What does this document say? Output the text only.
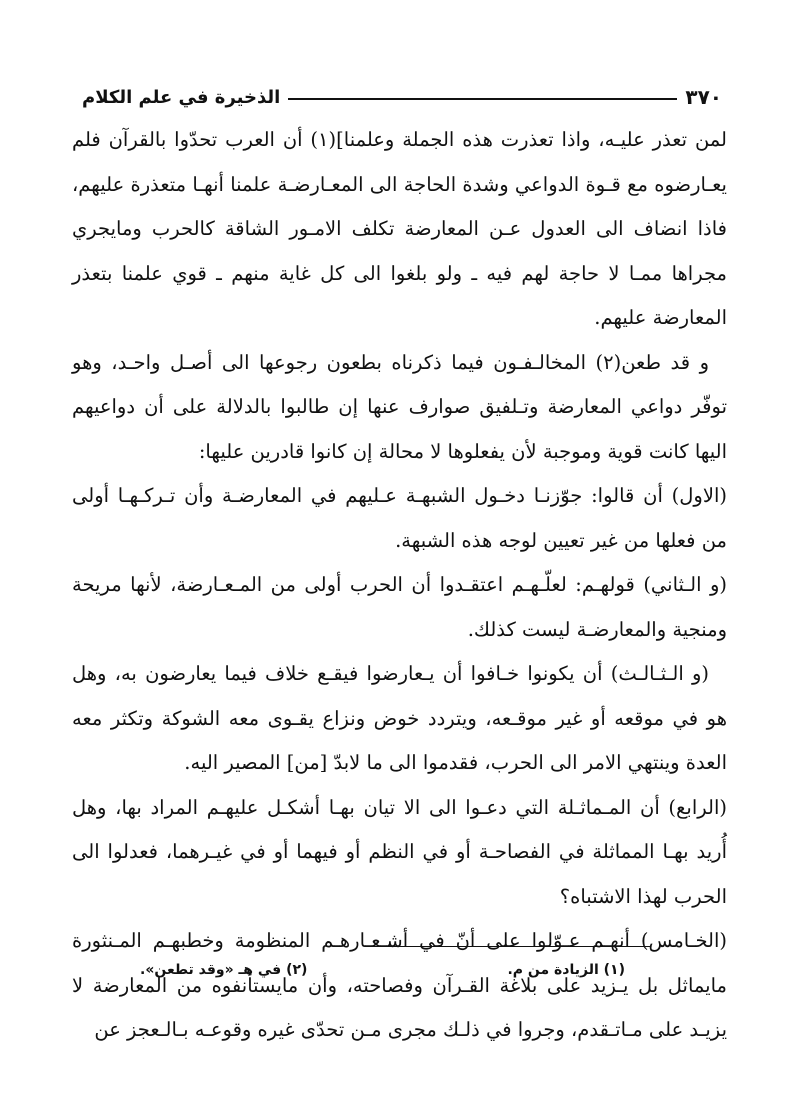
٣٧٠
الذخيرة في علم الكلام

لمن تعذر عليـه، واذا تعذرت هذه الجملة وعلمنا](١) أن العرب تحدّوا بالقرآن فلم يعـارضوه مع قـوة الدواعي وشدة الحاجة الى المعـارضـة علمنا أنهـا متعذرة عليهم، فاذا انضاف الى العدول عـن المعارضة تكلف الامـور الشاقة كالحرب ومايجري مجراها ممـا لا حاجة لهم فيه ـ ولو بلغوا الى كل غاية منهم ـ قوي علمنا بتعذر المعارضة عليهم.

و قد طعن(٢) المخالـفـون فيما ذكرناه بطعون رجوعها الى أصـل واحـد، وهو توفّر دواعي المعارضة وتـلفيق صوارف عنها إن طالبوا بالدلالة على أن دواعيهم اليها كانت قوية وموجبة لأن يفعلوها لا محالة إن كانوا قادرين عليها:

(الاول) أن قالوا: جوّزنـا دخـول الشبهـة عـليهم في المعارضـة وأن تـركـهـا أولى من فعلها من غير تعيين لوجه هذه الشبهة.

(و الـثاني) قولهـم: لعلّـهـم اعتقـدوا أن الحرب أولى من المـعـارضة، لأنها مريحة ومنجية والمعارضـة ليست كذلك.

(و الـثـالـث) أن يكونوا خـافوا أن يـعارضوا فيقـع خلاف فيما يعارضون به، وهل هو في موقعه أو غير موقـعه، ويتردد خوض ونزاع يقـوى معه الشوكة وتكثر معه العدة وينتهي الامر الى الحرب، فقدموا الى ما لابدّ [من] المصير اليه.

(الرابع) أن المـماثـلة التي دعـوا الى الا تيان بهـا أشكـل عليهـم المراد بها، وهل أُريد بهـا المماثلة في الفصاحـة أو في النظم أو فيهما أو في غيـرهما، فعدلوا الى الحرب لهذا الاشتباه؟

(الخـامس) أنهـم عـوّلوا على أنّ في أشـعـارهـم المنظومة وخطبهـم المـنثورة مايماثل بل يـزيد على بلاغة القـرآن وفصاحته، وأن مايستأنفوه من المعارضة لا يزيـد على مـاتـقدم، وجروا في ذلـك مجرى مـن تحدّى غيره وقوعـه بـالـعجز عن

(١) الزيادة من م.
(٢) في هـ «وقد تطعن».
